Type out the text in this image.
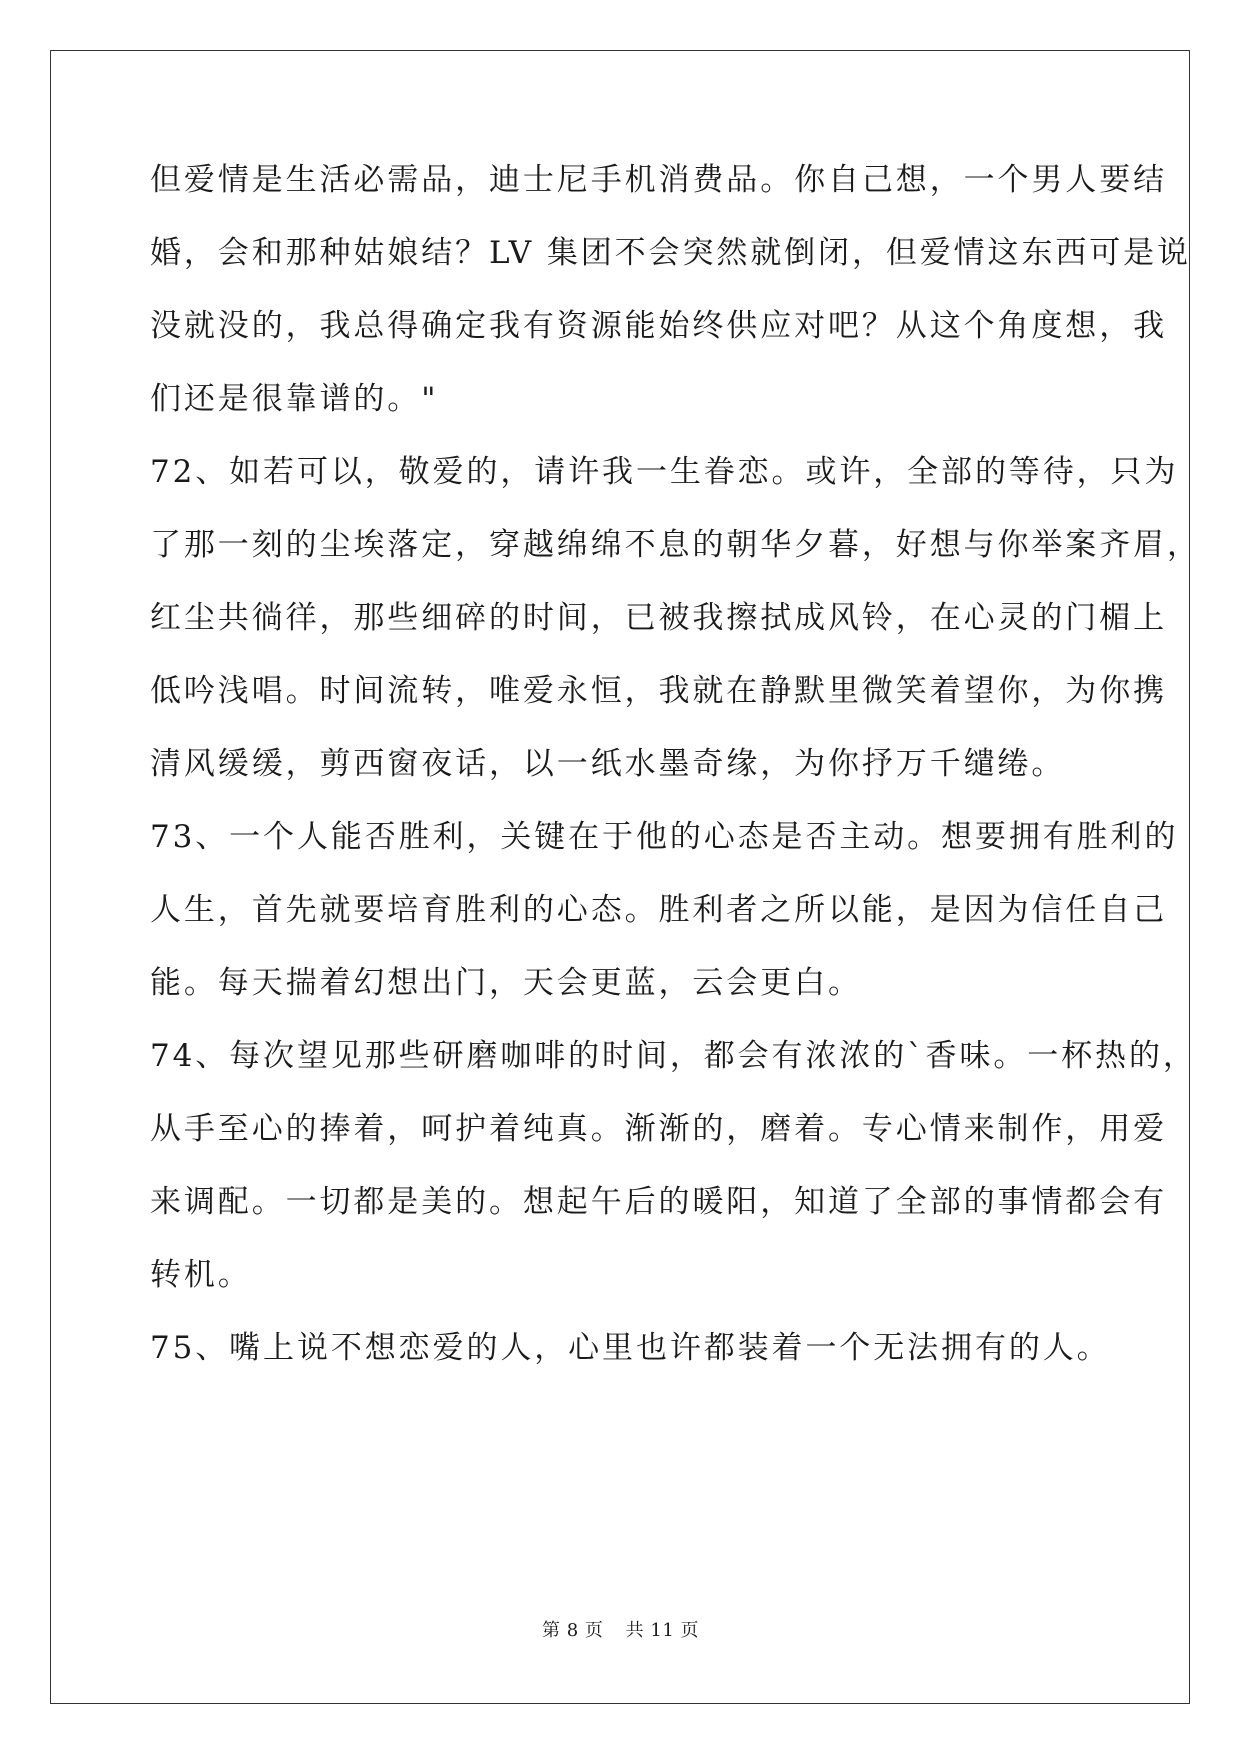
但爱情是生活必需品，迪士尼手机消费品。你自己想，一个男人要结
婚，会和那种姑娘结？LV 集团不会突然就倒闭，但爱情这东西可是说
没就没的，我总得确定我有资源能始终供应对吧？从这个角度想，我
们还是很靠谱的。"
72、如若可以，敬爱的，请许我一生眷恋。或许，全部的等待，只为
了那一刻的尘埃落定，穿越绵绵不息的朝华夕暮，好想与你举案齐眉，
红尘共徜徉，那些细碎的时间，已被我擦拭成风铃，在心灵的门楣上
低吟浅唱。时间流转，唯爱永恒，我就在静默里微笑着望你，为你携
清风缓缓，剪西窗夜话，以一纸水墨奇缘，为你抒万千缱绻。
73、一个人能否胜利，关键在于他的心态是否主动。想要拥有胜利的
人生，首先就要培育胜利的心态。胜利者之所以能，是因为信任自己
能。每天揣着幻想出门，天会更蓝，云会更白。
74、每次望见那些研磨咖啡的时间，都会有浓浓的`香味。一杯热的，
从手至心的捧着，呵护着纯真。渐渐的，磨着。专心情来制作，用爱
来调配。一切都是美的。想起午后的暖阳，知道了全部的事情都会有
转机。
75、嘴上说不想恋爱的人，心里也许都装着一个无法拥有的人。
第 8 页 共 11 页
